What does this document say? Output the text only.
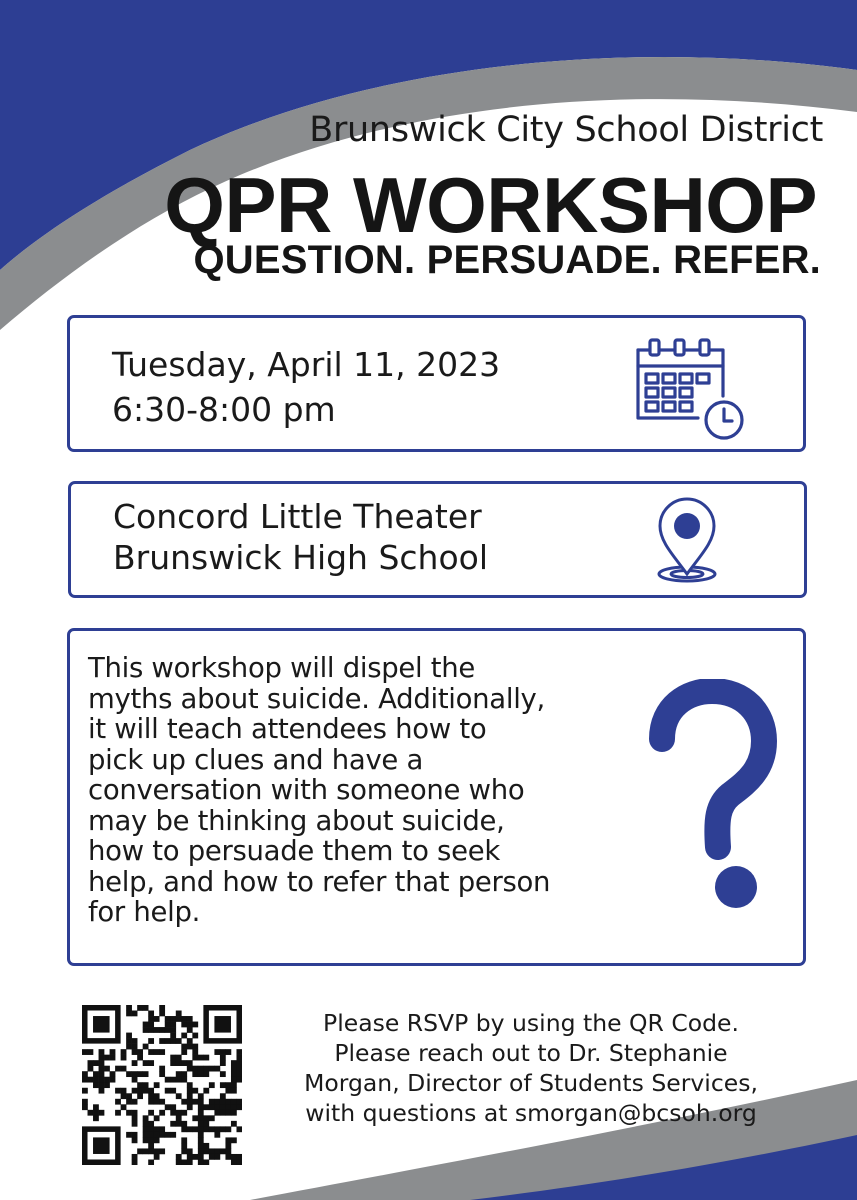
Brunswick City School District
QPR WORKSHOP
QUESTION. PERSUADE. REFER.
Tuesday, April 11, 2023
6:30-8:00 pm
Concord Little Theater
Brunswick High School
This workshop will dispel the
myths about suicide. Additionally,
it will teach attendees how to
pick up clues and have a
conversation with someone who
may be thinking about suicide,
how to persuade them to seek
help, and how to refer that person
for help.

Please RSVP by using the QR Code.
Please reach out to Dr. Stephanie
Morgan, Director of Students Services,
with questions at smorgan@bcsoh.org
